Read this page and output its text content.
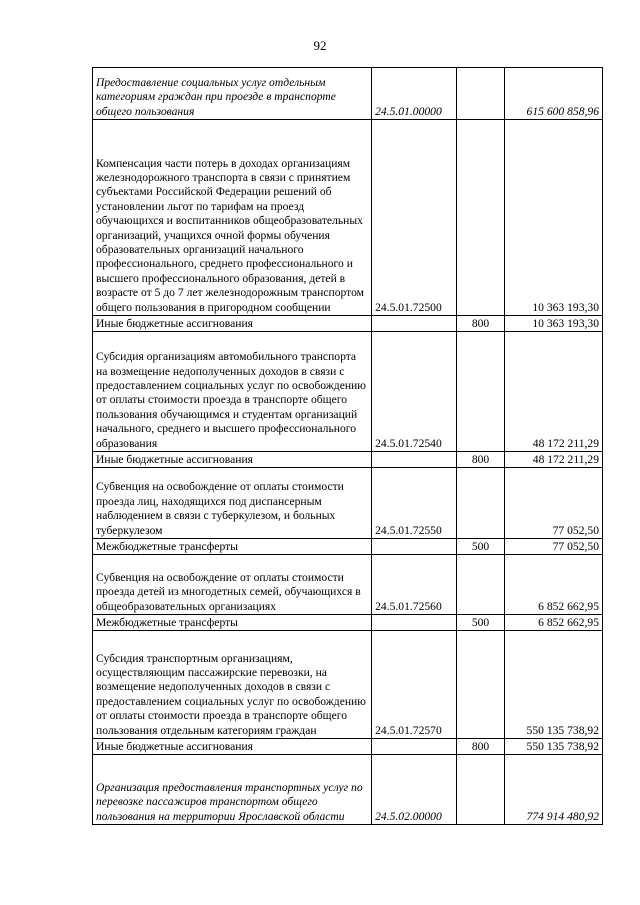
92
Предоставление социальных услуг отдельным категориям граждан при проезде в транспорте общего пользования	24.5.01.00000		615 600 858,96
Компенсация части потерь в доходах организациям железнодорожного транспорта в связи с принятием субъектами Российской Федерации решений об установлении льгот по тарифам на проезд обучающихся и воспитанников общеобразовательных организаций, учащихся очной формы обучения образовательных организаций начального профессионального, среднего профессионального и высшего профессионального образования, детей в возрасте от 5 до 7 лет железнодорожным транспортом общего пользования в пригородном сообщении	24.5.01.72500		10 363 193,30
Иные бюджетные ассигнования		800	10 363 193,30
Субсидия организациям автомобильного транспорта на возмещение недополученных доходов в связи с предоставлением социальных услуг по освобождению от оплаты стоимости проезда в транспорте общего пользования обучающимся и студентам организаций начального, среднего и высшего профессионального образования	24.5.01.72540		48 172 211,29
Иные бюджетные ассигнования		800	48 172 211,29
Субвенция на освобождение от оплаты стоимости проезда лиц, находящихся под диспансерным наблюдением в связи с туберкулезом, и больных туберкулезом	24.5.01.72550		77 052,50
Межбюджетные трансферты		500	77 052,50
Субвенция на освобождение от оплаты стоимости проезда детей из многодетных семей, обучающихся в общеобразовательных организациях	24.5.01.72560		6 852 662,95
Межбюджетные трансферты		500	6 852 662,95
Субсидия транспортным организациям, осуществляющим пассажирские перевозки, на возмещение недополученных доходов в связи с предоставлением социальных услуг по освобождению от оплаты стоимости проезда в транспорте общего пользования отдельным категориям граждан	24.5.01.72570		550 135 738,92
Иные бюджетные ассигнования		800	550 135 738,92
Организация предоставления транспортных услуг по перевозке пассажиров транспортом общего пользования на территории Ярославской области	24.5.02.00000		774 914 480,92
